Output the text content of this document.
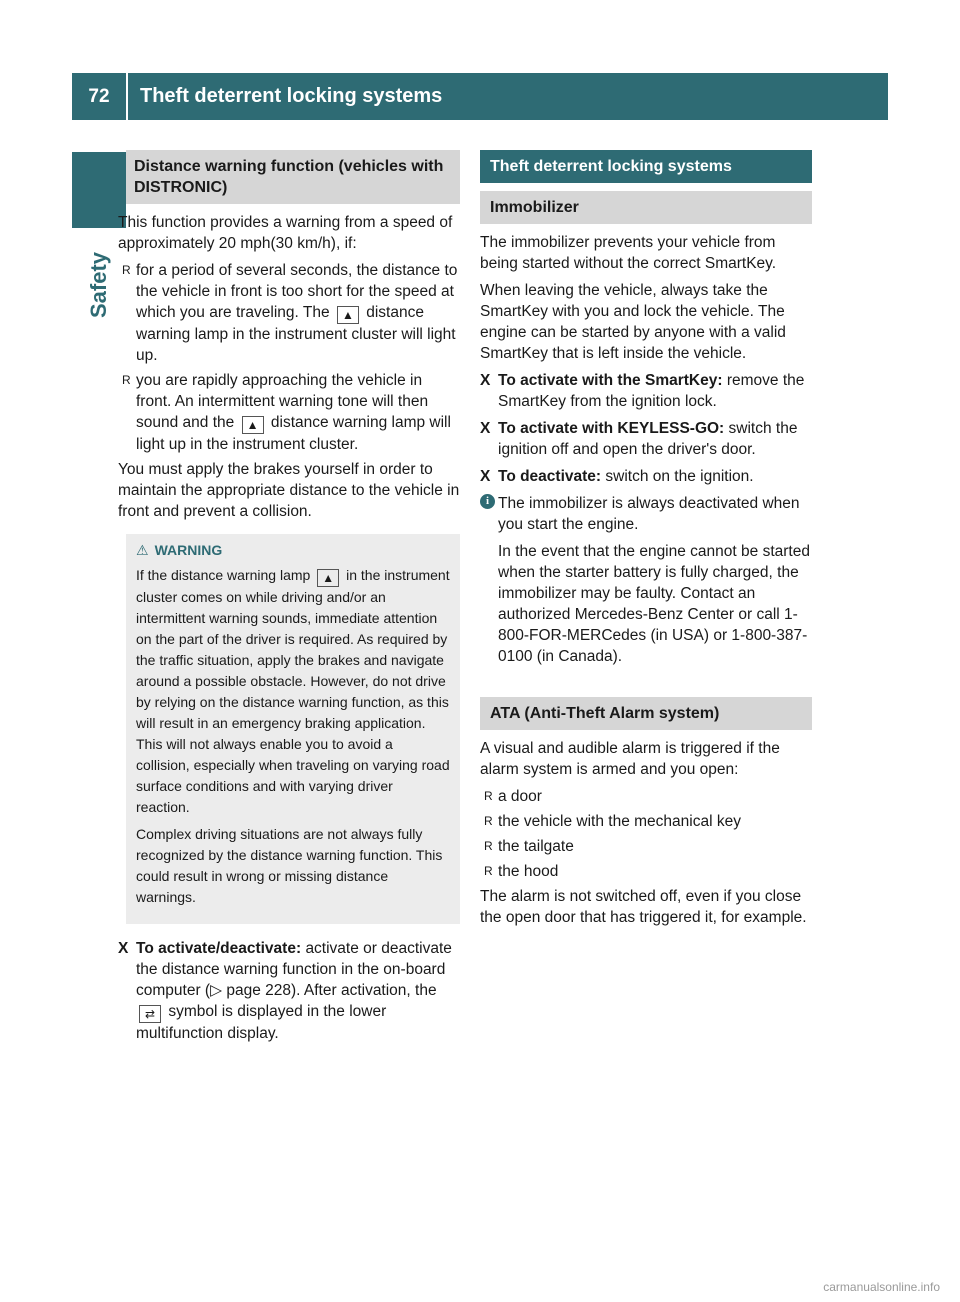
72	Theft deterrent locking systems
Safety
Distance warning function (vehicles with DISTRONIC)

This function provides a warning from a speed of approximately 20 mph(30 km/h), if:

R for a period of several seconds, the distance to the vehicle in front is too short for the speed at which you are traveling. The ▲ distance warning lamp in the instrument cluster will light up.
R you are rapidly approaching the vehicle in front. An intermittent warning tone will then sound and the ▲ distance warning lamp will light up in the instrument cluster.

You must apply the brakes yourself in order to maintain the appropriate distance to the vehicle in front and prevent a collision.

⚠ WARNING

If the distance warning lamp ▲ in the instrument cluster comes on while driving and/or an intermittent warning sounds, immediate attention on the part of the driver is required. As required by the traffic situation, apply the brakes and navigate around a possible obstacle. However, do not drive by relying on the distance warning function, as this will result in an emergency braking application. This will not always enable you to avoid a collision, especially when traveling on varying road surface conditions and with varying driver reaction.

Complex driving situations are not always fully recognized by the distance warning function. This could result in wrong or missing distance warnings.

X To activate/deactivate: activate or deactivate the distance warning function in the on-board computer (▷ page 228). After activation, the ⇄ symbol is displayed in the lower multifunction display.
Theft deterrent locking systems
Immobilizer

The immobilizer prevents your vehicle from being started without the correct SmartKey.

When leaving the vehicle, always take the SmartKey with you and lock the vehicle. The engine can be started by anyone with a valid SmartKey that is left inside the vehicle.

X To activate with the SmartKey: remove the SmartKey from the ignition lock.
X To activate with KEYLESS-GO: switch the ignition off and open the driver's door.
X To deactivate: switch on the ignition.
i The immobilizer is always deactivated when you start the engine.

In the event that the engine cannot be started when the starter battery is fully charged, the immobilizer may be faulty. Contact an authorized Mercedes-Benz Center or call 1-800-FOR-MERCedes (in USA) or 1-800-387-0100 (in Canada).

ATA (Anti-Theft Alarm system)

A visual and audible alarm is triggered if the alarm system is armed and you open:

R a door
R the vehicle with the mechanical key
R the tailgate
R the hood

The alarm is not switched off, even if you close the open door that has triggered it, for example.

carmanualsonline.info
